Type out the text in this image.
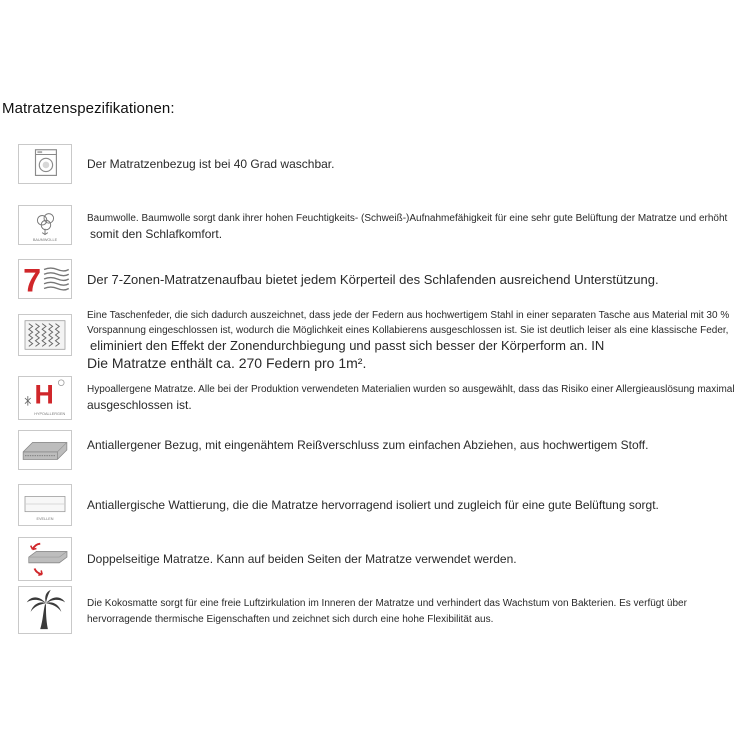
Matratzenspezifikationen:
Der Matratzenbezug ist bei 40 Grad waschbar.
BAUMWOLLE
Baumwolle. Baumwolle sorgt dank ihrer hohen Feuchtigkeits- (Schweiß-)Aufnahmefähigkeit für eine sehr gute Belüftung der Matratze und erhöht
somit den Schlafkomfort.
7	Der 7-Zonen-Matratzenaufbau bietet jedem Körperteil des Schlafenden ausreichend Unterstützung.
Eine Taschenfeder, die sich dadurch auszeichnet, dass jede der Federn aus hochwertigem Stahl in einer separaten Tasche aus Material mit 30 %
Vorspannung eingeschlossen ist, wodurch die Möglichkeit eines Kollabierens ausgeschlossen ist. Sie ist deutlich leiser als eine klassische Feder,
eliminiert den Effekt der Zonendurchbiegung und passt sich besser der Körperform an. IN
Die Matratze enthält ca. 270 Federn pro 1m².
H
HYPOALLERGEN
Hypoallergene Matratze. Alle bei der Produktion verwendeten Materialien wurden so ausgewählt, dass das Risiko einer Allergieauslösung maximal
ausgeschlossen ist.
Antiallergener Bezug, mit eingenähtem Reißverschluss zum einfachen Abziehen, aus hochwertigem Stoff.
EVELLEN
Antiallergische Wattierung, die die Matratze hervorragend isoliert und zugleich für eine gute Belüftung sorgt.
Doppelseitige Matratze. Kann auf beiden Seiten der Matratze verwendet werden.
Die Kokosmatte sorgt für eine freie Luftzirkulation im Inneren der Matratze und verhindert das Wachstum von Bakterien. Es verfügt über
hervorragende thermische Eigenschaften und zeichnet sich durch eine hohe Flexibilität aus.
